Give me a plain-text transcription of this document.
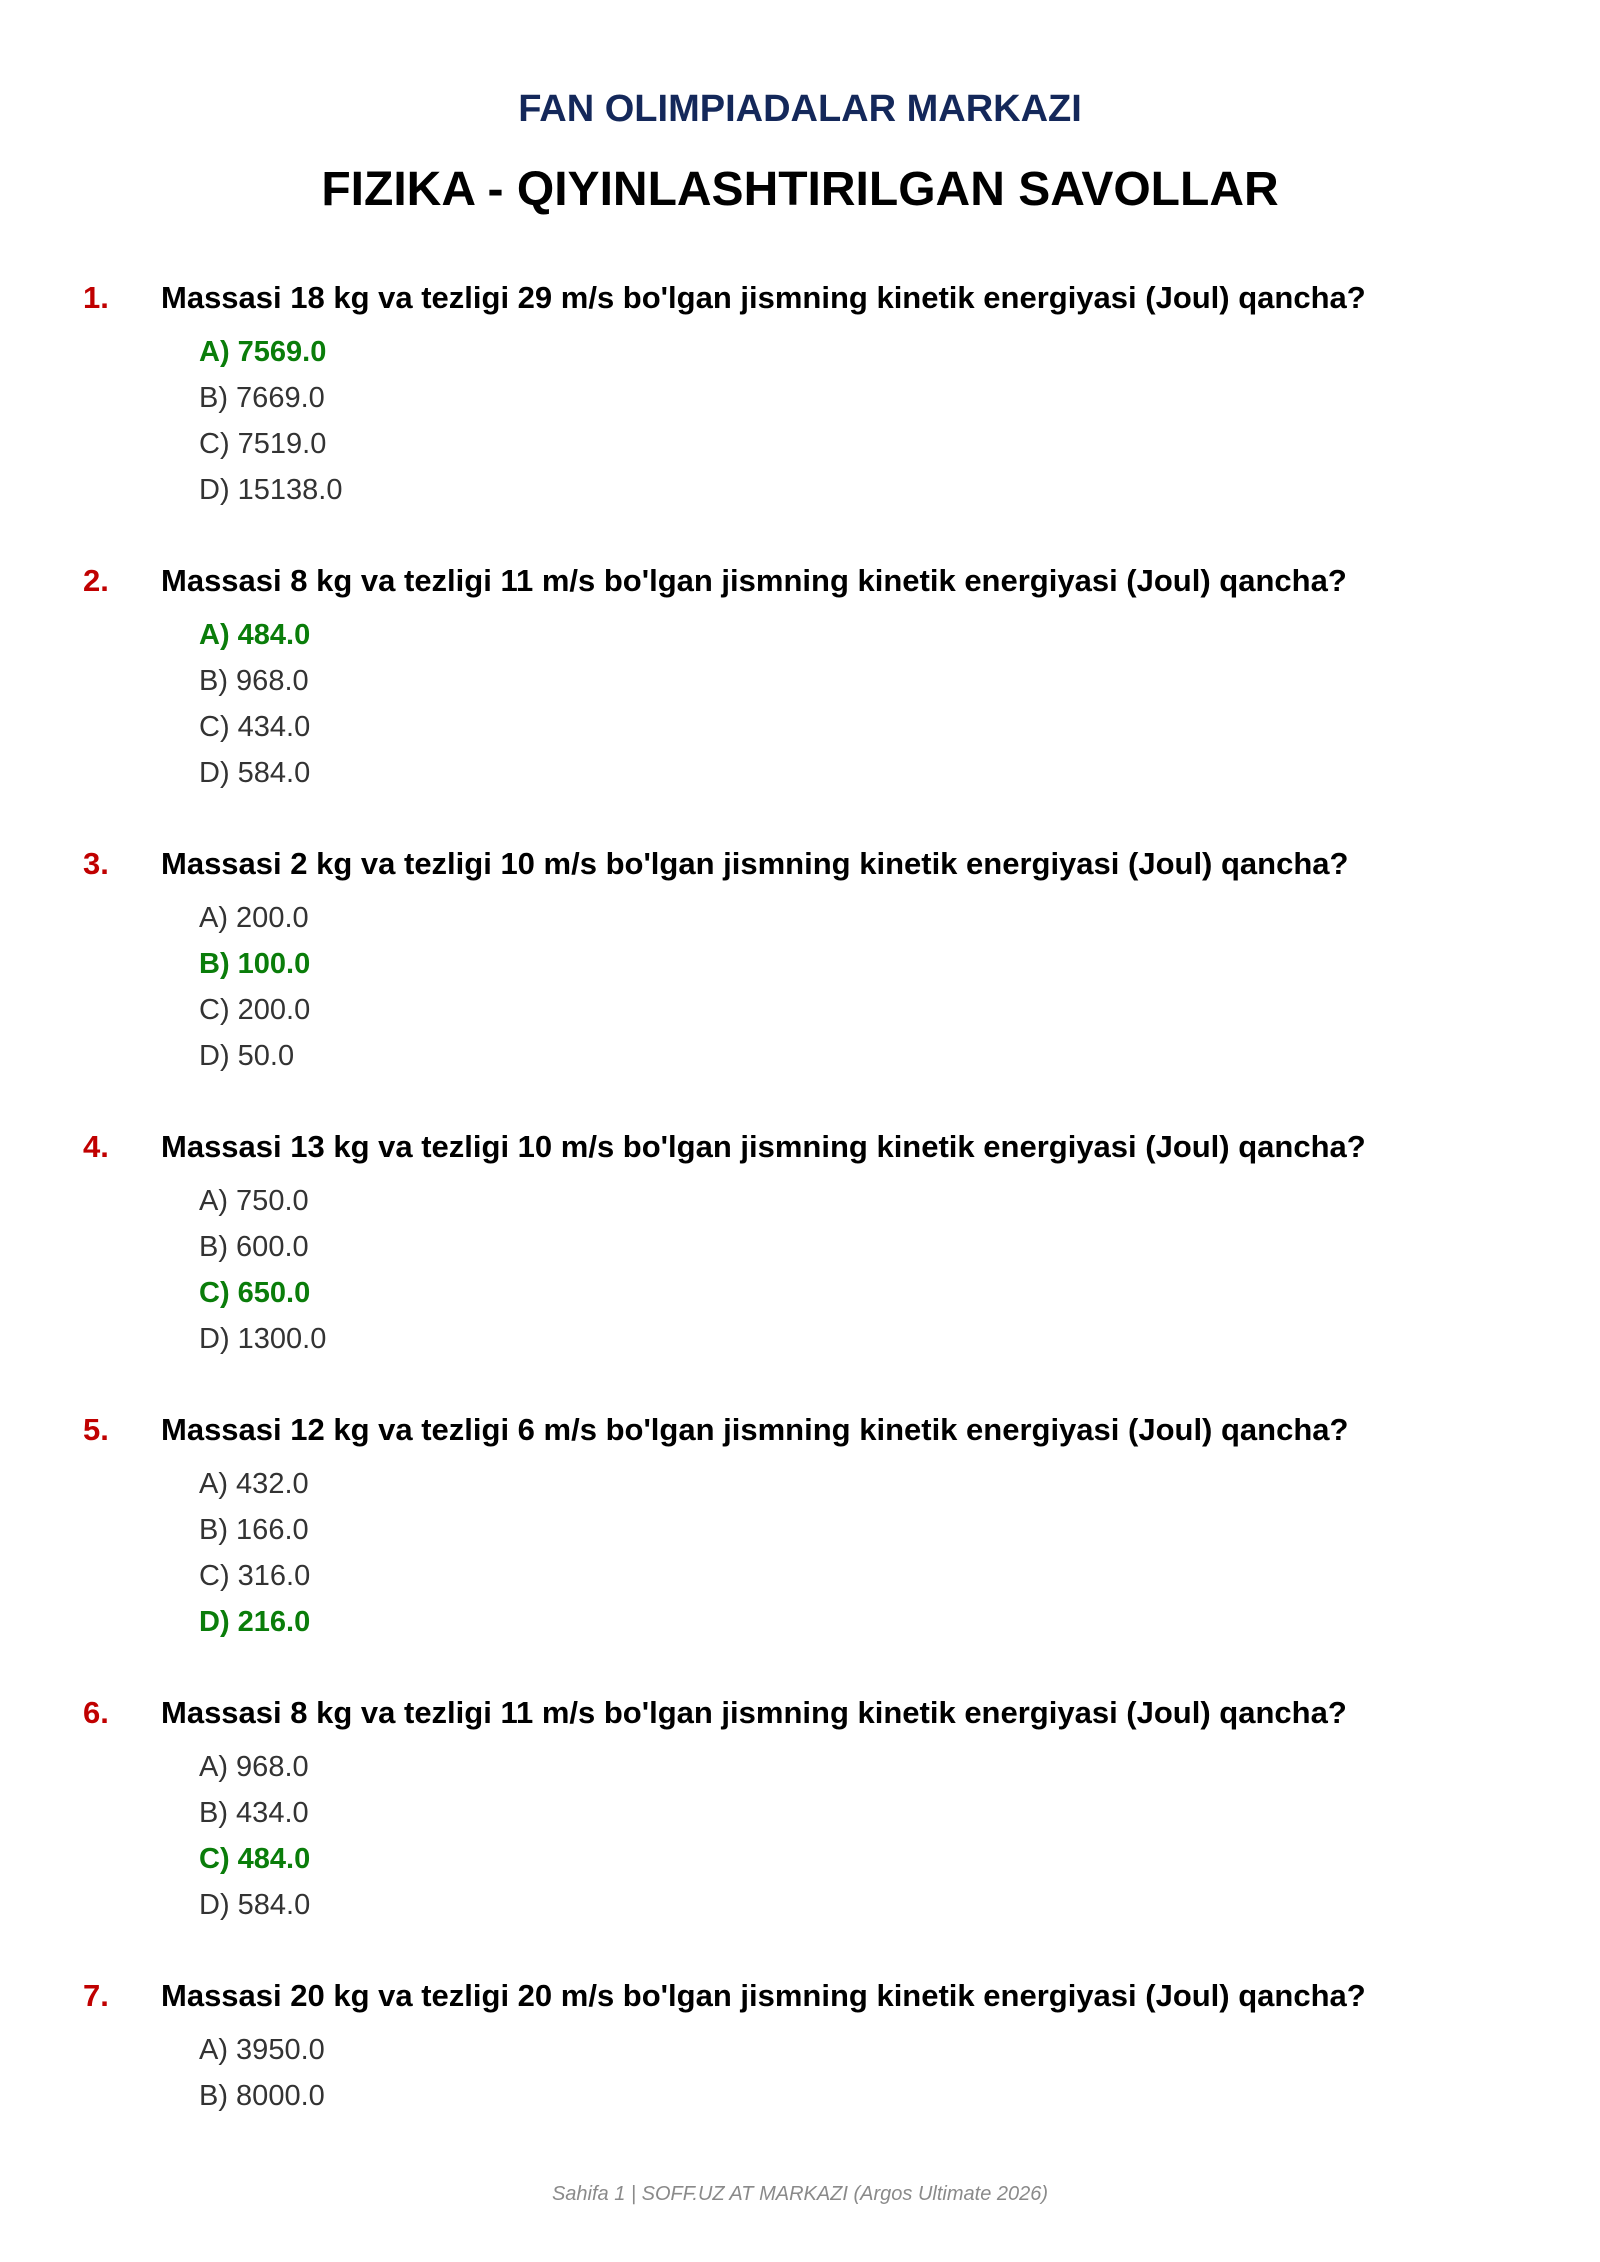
FAN OLIMPIADALAR MARKAZI
FIZIKA - QIYINLASHTIRILGAN SAVOLLAR
1. Massasi 18 kg va tezligi 29 m/s bo'lgan jismning kinetik energiyasi (Joul) qancha?
A) 7569.0
B) 7669.0
C) 7519.0
D) 15138.0
2. Massasi 8 kg va tezligi 11 m/s bo'lgan jismning kinetik energiyasi (Joul) qancha?
A) 484.0
B) 968.0
C) 434.0
D) 584.0
3. Massasi 2 kg va tezligi 10 m/s bo'lgan jismning kinetik energiyasi (Joul) qancha?
A) 200.0
B) 100.0
C) 200.0
D) 50.0
4. Massasi 13 kg va tezligi 10 m/s bo'lgan jismning kinetik energiyasi (Joul) qancha?
A) 750.0
B) 600.0
C) 650.0
D) 1300.0
5. Massasi 12 kg va tezligi 6 m/s bo'lgan jismning kinetik energiyasi (Joul) qancha?
A) 432.0
B) 166.0
C) 316.0
D) 216.0
6. Massasi 8 kg va tezligi 11 m/s bo'lgan jismning kinetik energiyasi (Joul) qancha?
A) 968.0
B) 434.0
C) 484.0
D) 584.0
7. Massasi 20 kg va tezligi 20 m/s bo'lgan jismning kinetik energiyasi (Joul) qancha?
A) 3950.0
B) 8000.0
Sahifa 1 | SOFF.UZ AT MARKAZI (Argos Ultimate 2026)
